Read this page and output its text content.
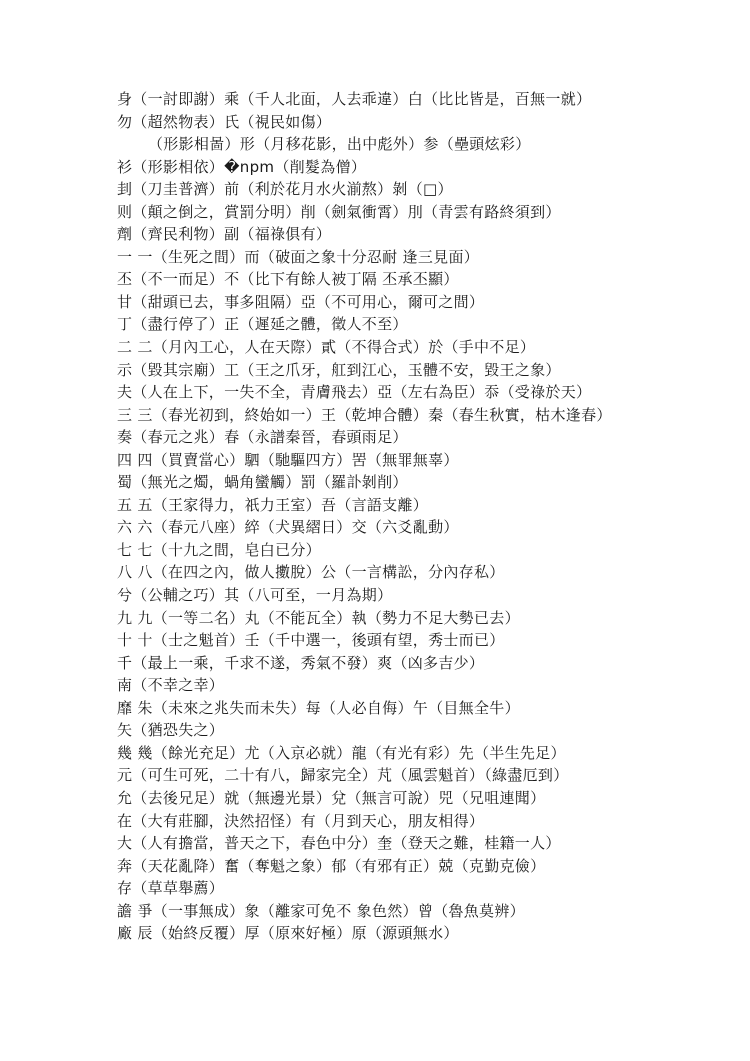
身（一討即謝）乘（千人北面，人去乖違）白（比比皆是，百無一就）
勿（超然物表）氏（視民如傷）
（形影相啚）形（月移花影，出中彪外）参（壘頭炫彩）
衫（形影相依）�npm（削髮為僧）
刲（刀圭普濟）前（利於花月水火湔熬）剝（□）
则（顛之倒之，賞罰分明）削（劍氣衝霄）刖（青雲有路終須到）
劑（齊民利物）副（福祿俱有）
一 一（生死之間）而（破面之象十分忍耐 逢三見面）
丕（不一而足）不（比下有餘人被丁隔 丕承丕顯）
甘（甜頭已去，事多阻隔）亞（不可用心，爾可之間）
丁（盡行停了）正（遲延之體，徵人不至）
二 二（月內工心，人在天際）貳（不得合式）於（手中不足）
示（毀其宗廟）工（王之爪牙，舡到江心，玉體不安，毀王之象）
夫（人在上下，一失不全，青膚飛去）亞（左右為臣）忝（受祿於天）
三 三（春光初到，終始如一）王（乾坤合體）秦（春生秋實，枯木逢春）
奏（春元之兆）春（永譜秦晉，春頭雨足）
四 四（買賣當心）駟（馳驅四方）罟（無罪無辜）
蜀（無光之燭，蝸角蠻觸）罰（羅訃剝削）
五 五（王家得力，祇力王室）吾（言語支離）
六 六（春元八座）綷（犬異䌌日）交（六爻亂動）
七 七（十九之間，皂白已分）
八 八（在四之內，做人擻脫）公（一言構訟，分內存私）
兮（公輔之巧）其（八可至，一月為期）
九 九（一等二名）丸（不能瓦全）執（勢力不足大勢已去）
十 十（士之魁首）壬（千中選一，後頭有望，秀士而已）
千（最上一乘，千求不遂，秀氣不發）爽（凶多吉少）
南（不幸之幸）
靡 朱（未來之兆失而未失）每（人必自侮）午（目無全牛）
矢（猶恐失之）
幾 幾（餘光充足）尤（入京必就）龍（有光有彩）先（半生先足）
元（可生可死，二十有八，歸家完全）芃（風雲魁首）（綠盡厄到）
允（去後兄足）就（無邊光景）兌（無言可說）兕（兄咀連聞）
在（大有莊腳，決然招怪）有（月到天心，朋友相得）
大（人有擔當，普天之下，春色中分）奎（登天之難，桂籍一人）
奔（天花亂降）奮（奪魁之象）郁（有邪有正）兢（克勤克儉）
存（草草舉薦）
譫 爭（一事無成）象（離家可免不 象色然）曾（魯魚莫辨）
廠 辰（始終反覆）厚（原來好極）原（源頭無水）
